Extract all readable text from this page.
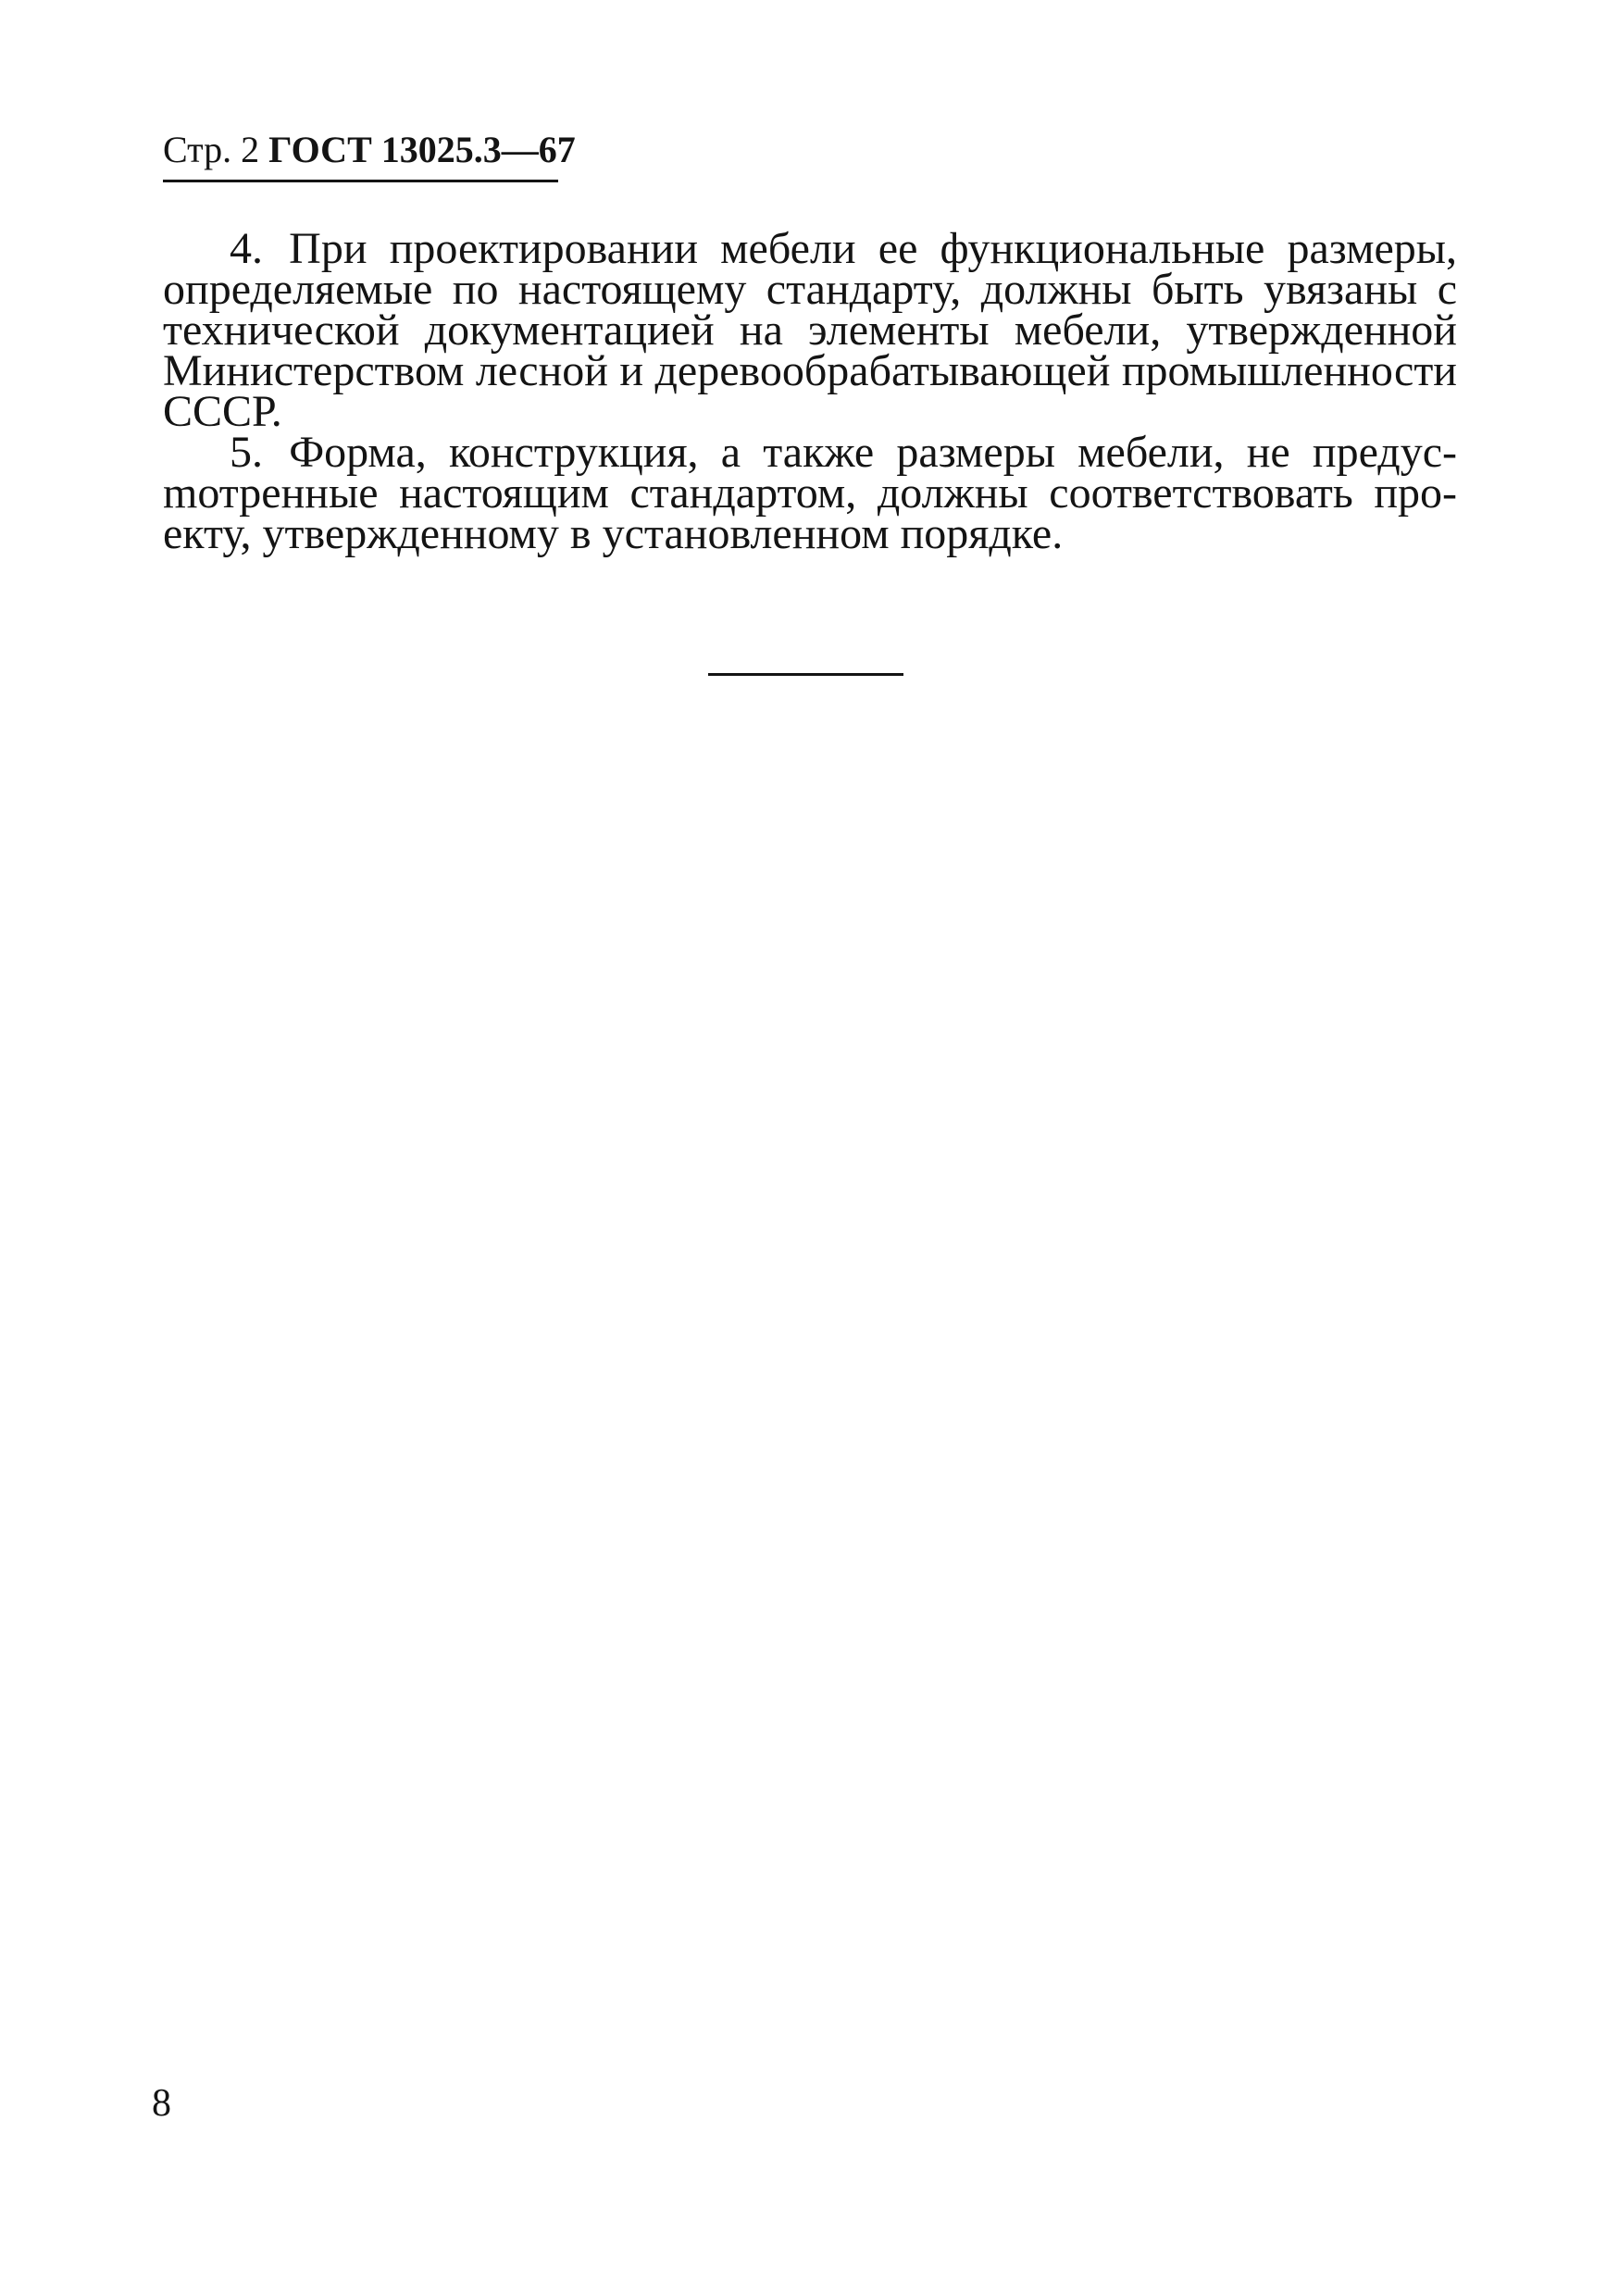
Стр. 2 ГОСТ 13025.3—67

4. При проектировании мебели ее функциональные размеры, определяемые по настоящему стандарту, должны быть увязаны с технической документацией на элементы мебели, утвержденной Министерством лесной и деревообрабатывающей промышленности СССР.

5. Форма, конструкция, а также размеры мебели, не предусmотренные настоящим стандартом, должны соответствовать проекту, утвержденному в установленном порядке.

8
